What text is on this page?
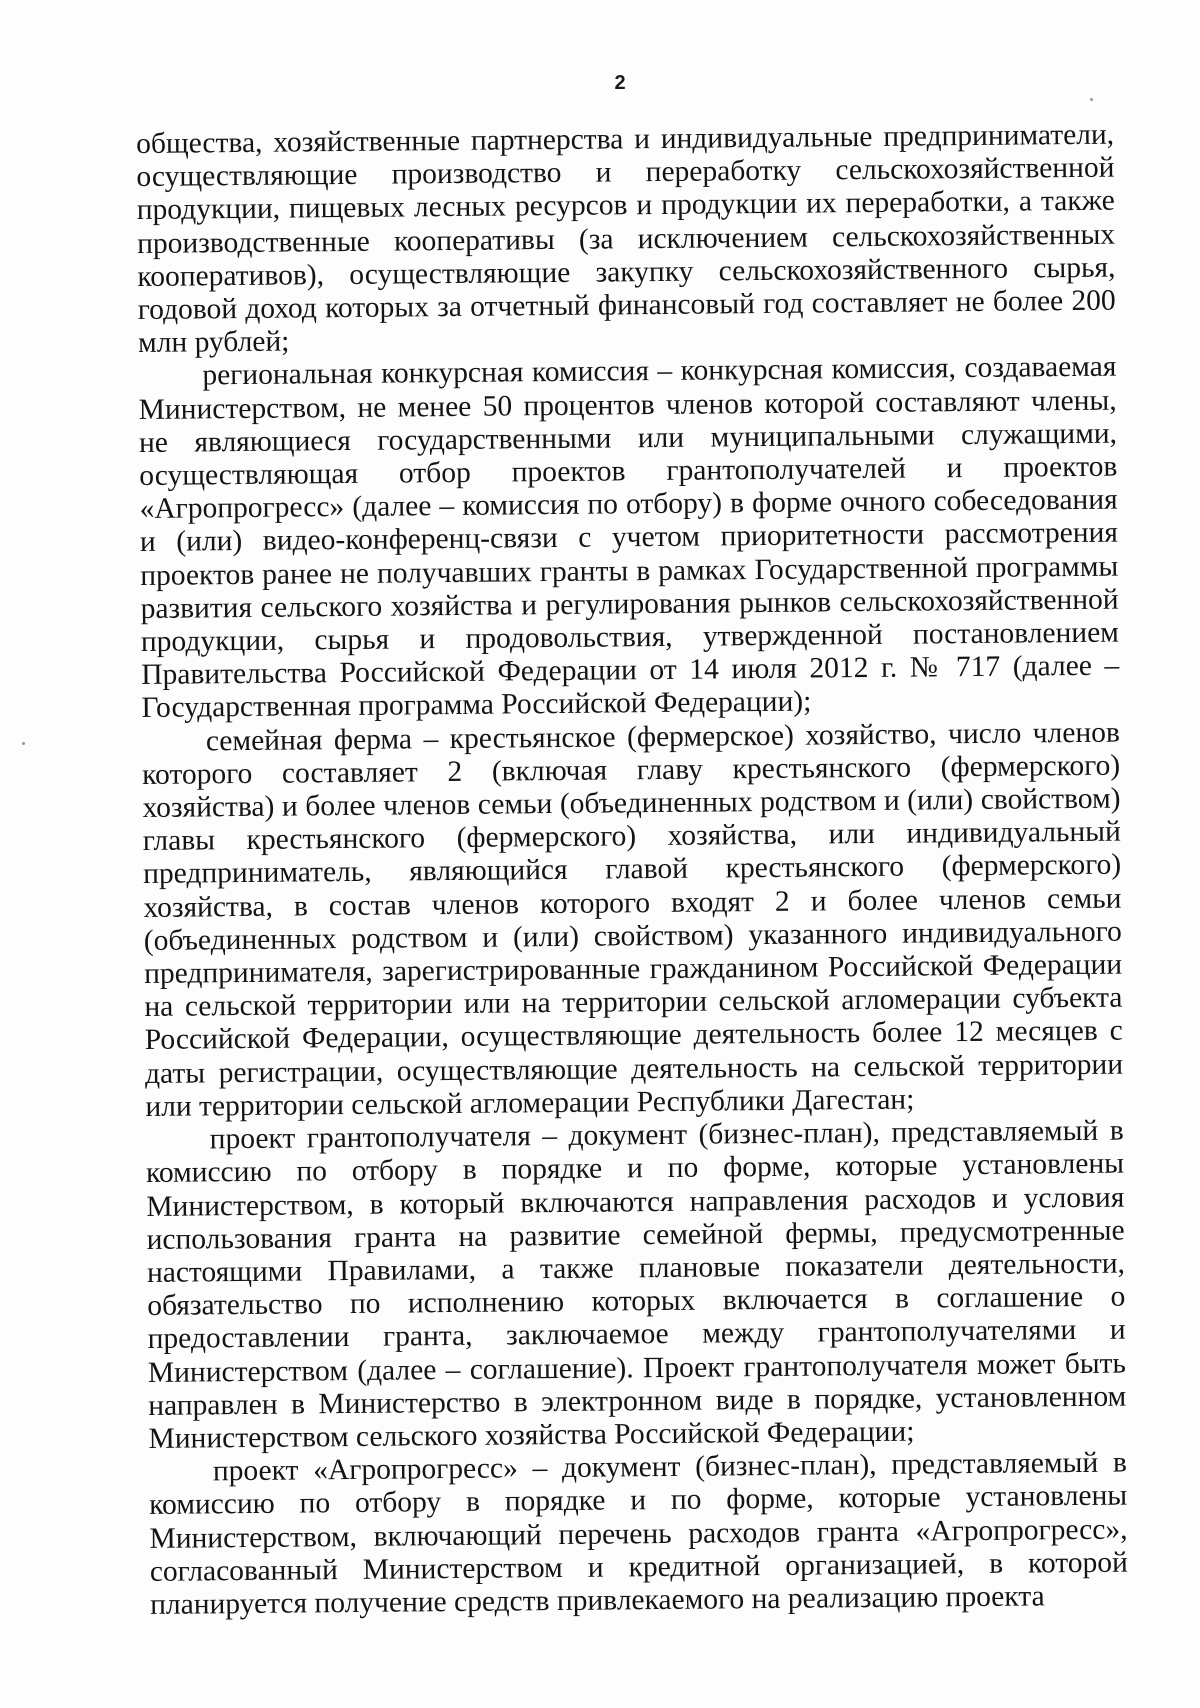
2

общества, хозяйственные партнерства и индивидуальные предприниматели, осуществляющие производство и переработку сельскохозяйственной продукции, пищевых лесных ресурсов и продукции их переработки, а также производственные кооперативы (за исключением сельскохозяйственных кооперативов), осуществляющие закупку сельскохозяйственного сырья, годовой доход которых за отчетный финансовый год составляет не более 200 млн рублей;

региональная конкурсная комиссия – конкурсная комиссия, создаваемая Министерством, не менее 50 процентов членов которой составляют члены, не являющиеся государственными или муниципальными служащими, осуществляющая отбор проектов грантополучателей и проектов «Агропрогресс» (далее – комиссия по отбору) в форме очного собеседования и (или) видео-конференц-связи с учетом приоритетности рассмотрения проектов ранее не получавших гранты в рамках Государственной программы развития сельского хозяйства и регулирования рынков сельскохозяйственной продукции, сырья и продовольствия, утвержденной постановлением Правительства Российской Федерации от 14 июля 2012 г. № 717 (далее – Государственная программа Российской Федерации);

семейная ферма – крестьянское (фермерское) хозяйство, число членов которого составляет 2 (включая главу крестьянского (фермерского) хозяйства) и более членов семьи (объединенных родством и (или) свойством) главы крестьянского (фермерского) хозяйства, или индивидуальный предприниматель, являющийся главой крестьянского (фермерского) хозяйства, в состав членов которого входят 2 и более членов семьи (объединенных родством и (или) свойством) указанного индивидуального предпринимателя, зарегистрированные гражданином Российской Федерации на сельской территории или на территории сельской агломерации субъекта Российской Федерации, осуществляющие деятельность более 12 месяцев с даты регистрации, осуществляющие деятельность на сельской территории или территории сельской агломерации Республики Дагестан;

проект грантополучателя – документ (бизнес-план), представляемый в комиссию по отбору в порядке и по форме, которые установлены Министерством, в который включаются направления расходов и условия использования гранта на развитие семейной фермы, предусмотренные настоящими Правилами, а также плановые показатели деятельности, обязательство по исполнению которых включается в соглашение о предоставлении гранта, заключаемое между грантополучателями и Министерством (далее – соглашение). Проект грантополучателя может быть направлен в Министерство в электронном виде в порядке, установленном Министерством сельского хозяйства Российской Федерации;

проект «Агропрогресс» – документ (бизнес-план), представляемый в комиссию по отбору в порядке и по форме, которые установлены Министерством, включающий перечень расходов гранта «Агропрогресс», согласованный Министерством и кредитной организацией, в которой планируется получение средств привлекаемого на реализацию проекта
